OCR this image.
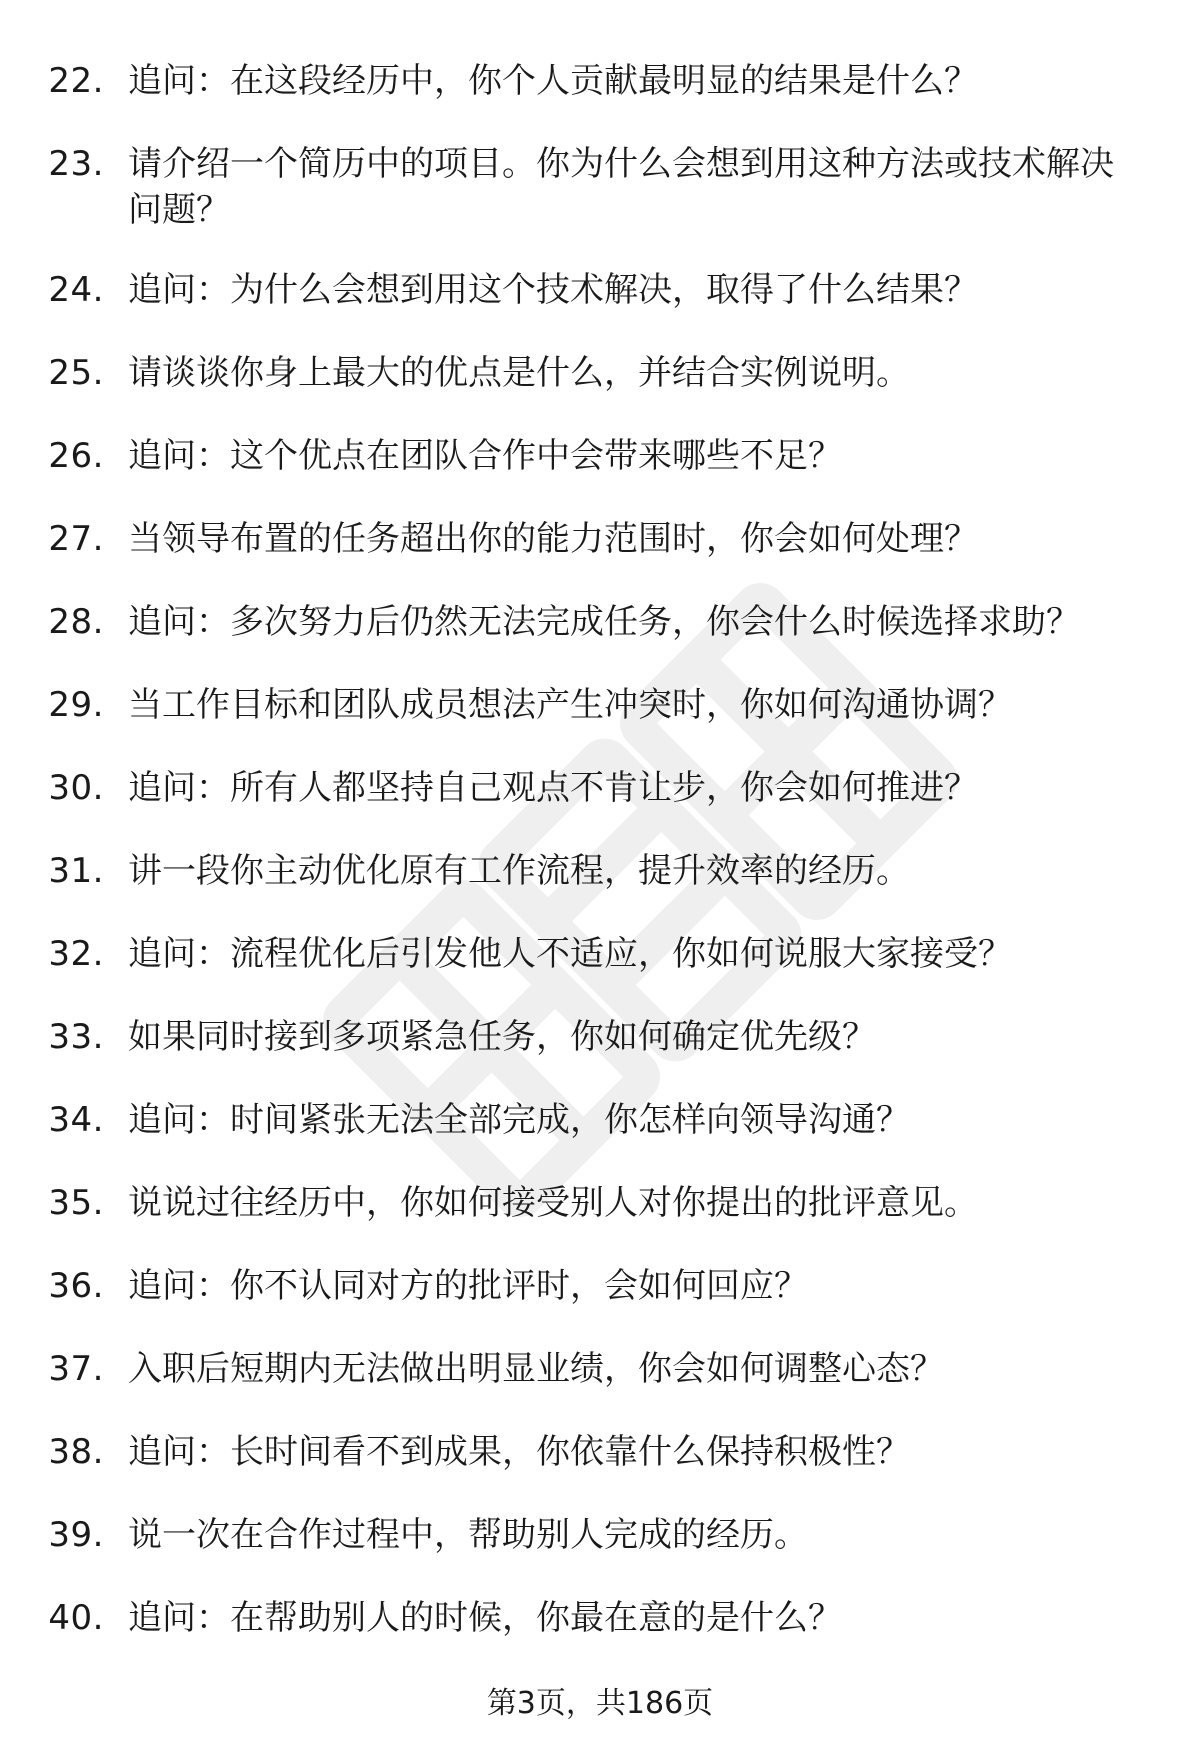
22. 追问：在这段经历中，你个人贡献最明显的结果是什么？
23. 请介绍一个简历中的项目。你为什么会想到用这种方法或技术解决问题？
24. 追问：为什么会想到用这个技术解决，取得了什么结果？
25. 请谈谈你身上最大的优点是什么，并结合实例说明。
26. 追问：这个优点在团队合作中会带来哪些不足？
27. 当领导布置的任务超出你的能力范围时，你会如何处理？
28. 追问：多次努力后仍然无法完成任务，你会什么时候选择求助？
29. 当工作目标和团队成员想法产生冲突时，你如何沟通协调？
30. 追问：所有人都坚持自己观点不肯让步，你会如何推进？
31. 讲一段你主动优化原有工作流程，提升效率的经历。
32. 追问：流程优化后引发他人不适应，你如何说服大家接受？
33. 如果同时接到多项紧急任务，你如何确定优先级？
34. 追问：时间紧张无法全部完成，你怎样向领导沟通？
35. 说说过往经历中，你如何接受别人对你提出的批评意见。
36. 追问：你不认同对方的批评时，会如何回应？
37. 入职后短期内无法做出明显业绩，你会如何调整心态？
38. 追问：长时间看不到成果，你依靠什么保持积极性？
39. 说一次在合作过程中，帮助别人完成的经历。
40. 追问：在帮助别人的时候，你最在意的是什么？
第3页，共186页
